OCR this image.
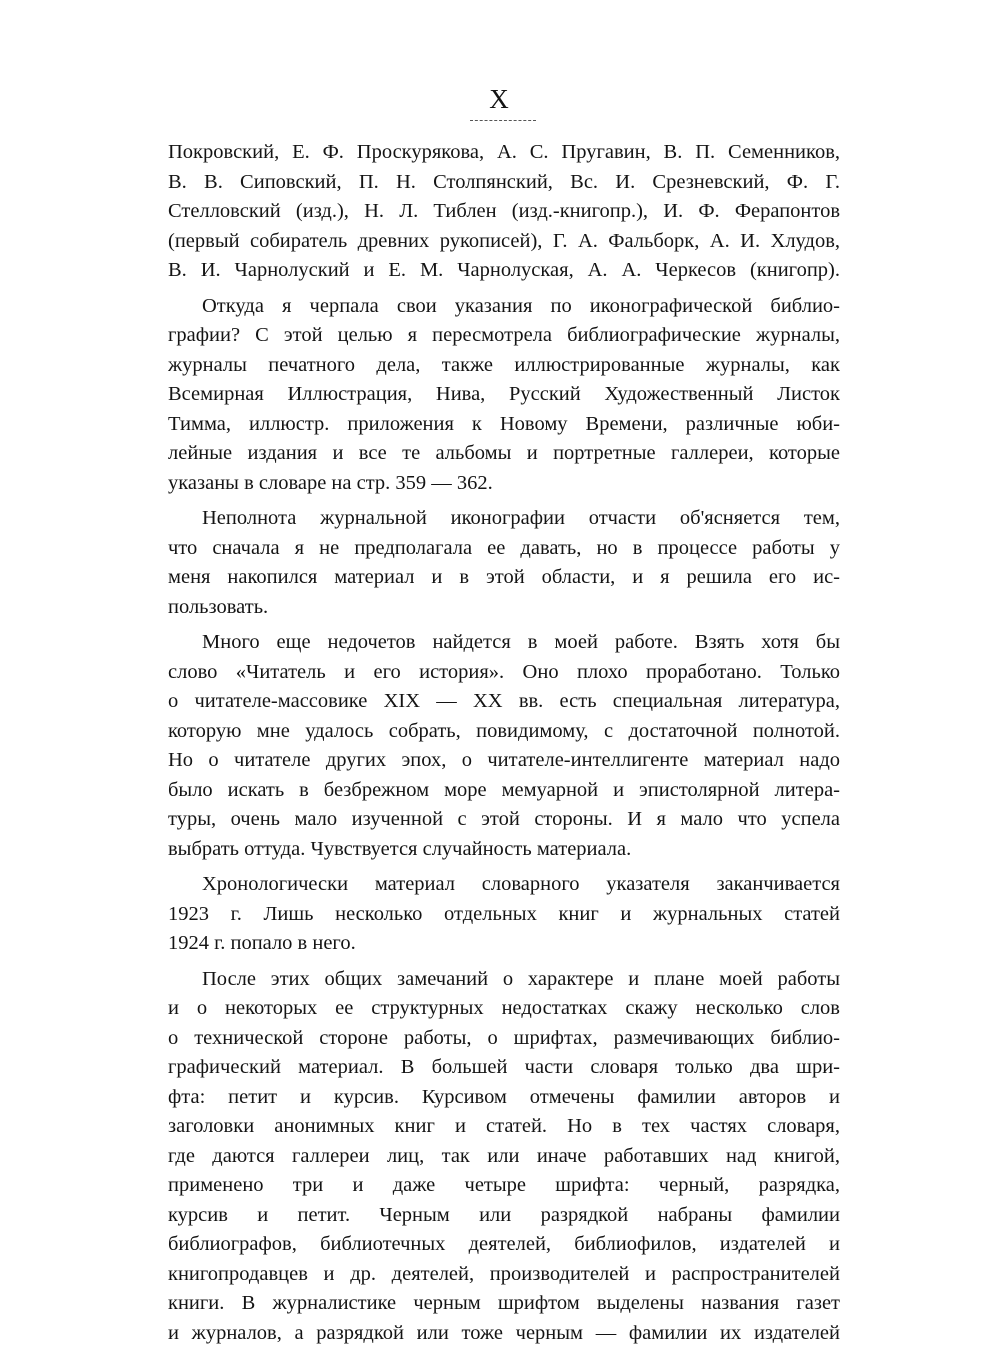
X
Покровский, Е. Ф. Проскурякова, А. С. Пругавин, В. П. Семенников,
В. В. Сиповский, П. Н. Столпянский, Вс. И. Срезневский, Ф. Г.
Стелловский (изд.), Н. Л. Тиблен (изд.-книгопр.), И. Ф. Ферапонтов
(первый собиратель древних рукописей), Г. А. Фальборк, А. И. Хлудов,
В. И. Чарнолуский и Е. М. Чарнолуская, А. А. Черкесов (книгопр).
Откуда я черпала свои указания по иконографической библио-
графии? С этой целью я пересмотрела библиографические журналы,
журналы печатного дела, также иллюстрированные журналы, как
Всемирная Иллюстрация, Нива, Русский Художественный Листок
Тимма, иллюстр. приложения к Новому Времени, различные юби-
лейные издания и все те альбомы и портретные галлереи, которые
указаны в словаре на стр. 359 — 362.
Неполнота журнальной иконографии отчасти об'ясняется тем,
что сначала я не предполагала ее давать, но в процессе работы у
меня накопился материал и в этой области, и я решила его ис-
пользовать.
Много еще недочетов найдется в моей работе. Взять хотя бы
слово «Читатель и его история». Оно плохо проработано. Только
о читателе-массовике XIX — XX вв. есть специальная литература,
которую мне удалось собрать, повидимому, с достаточной полнотой.
Но о читателе других эпох, о читателе-интеллигенте материал надо
было искать в безбрежном море мемуарной и эпистолярной литера-
туры, очень мало изученной с этой стороны. И я мало что успела
выбрать оттуда. Чувствуется случайность материала.
Хронологически материал словарного указателя заканчивается
1923 г. Лишь несколько отдельных книг и журнальных статей
1924 г. попало в него.
После этих общих замечаний о характере и плане моей работы
и о некоторых ее структурных недостатках скажу несколько слов
о технической стороне работы, о шрифтах, размечивающих библио-
графический материал. В большей части словаря только два шри-
фта: петит и курсив. Курсивом отмечены фамилии авторов и
заголовки анонимных книг и статей. Но в тех частях словаря,
где даются галлереи лиц, так или иначе работавших над книгой,
применено три и даже четыре шрифта: черный, разрядка,
курсив и петит. Черным или разрядкой набраны фамилии
библиографов, библиотечных деятелей, библиофилов, издателей и
книгопродавцев и др. деятелей, производителей и распространителей
книги. В журналистике черным шрифтом выделены названия газет
и журналов, а разрядкой или тоже черным — фамилии их издателей
